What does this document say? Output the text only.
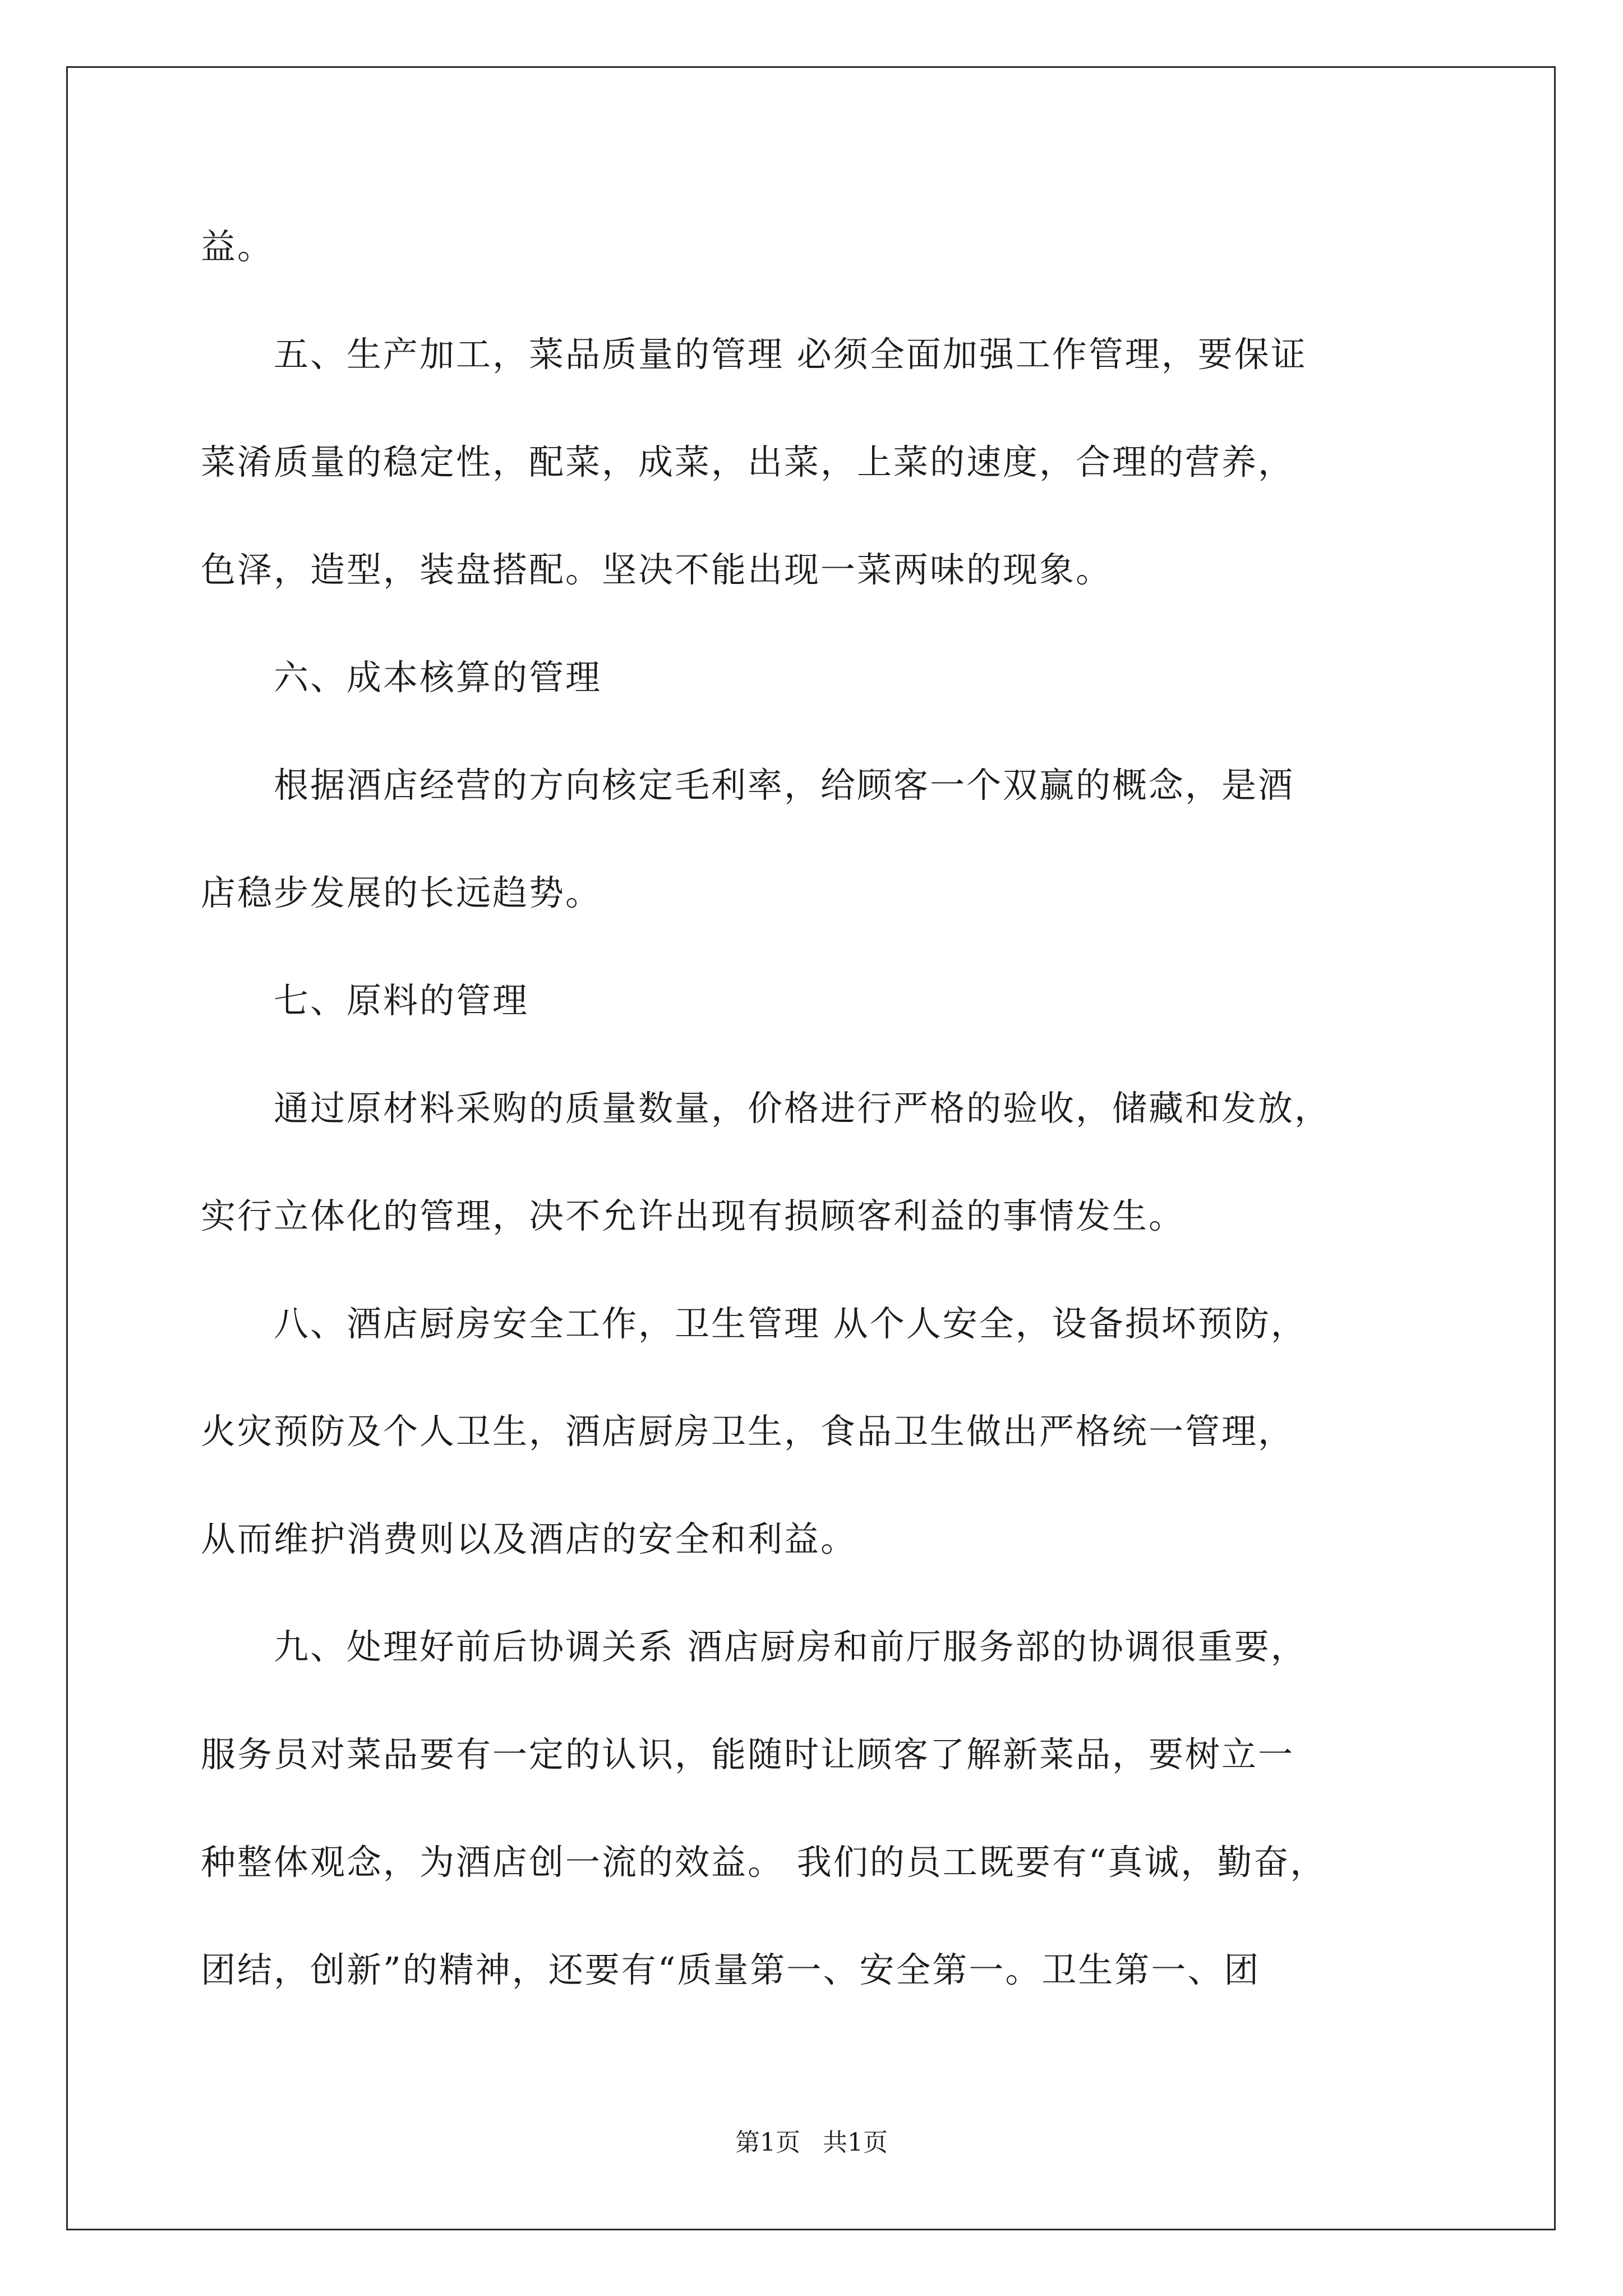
益。
　　五、生产加工，菜品质量的管理 必须全面加强工作管理，要保证
菜淆质量的稳定性，配菜，成菜，出菜，上菜的速度，合理的营养，
色泽，造型，装盘搭配。坚决不能出现一菜两味的现象。
　　六、成本核算的管理
　　根据酒店经营的方向核定毛利率，给顾客一个双赢的概念，是酒
店稳步发展的长远趋势。
　　七、原料的管理
　　通过原材料采购的质量数量，价格进行严格的验收，储藏和发放，
实行立体化的管理，决不允许出现有损顾客利益的事情发生。
　　八、酒店厨房安全工作，卫生管理 从个人安全，设备损坏预防，
火灾预防及个人卫生，酒店厨房卫生，食品卫生做出严格统一管理，
从而维护消费则以及酒店的安全和利益。
　　九、处理好前后协调关系 酒店厨房和前厅服务部的协调很重要，
服务员对菜品要有一定的认识，能随时让顾客了解新菜品，要树立一
种整体观念，为酒店创一流的效益。 我们的员工既要有“真诚，勤奋，
团结，创新”的精神，还要有“质量第一、安全第一。卫生第一、团
第1页 共1页
